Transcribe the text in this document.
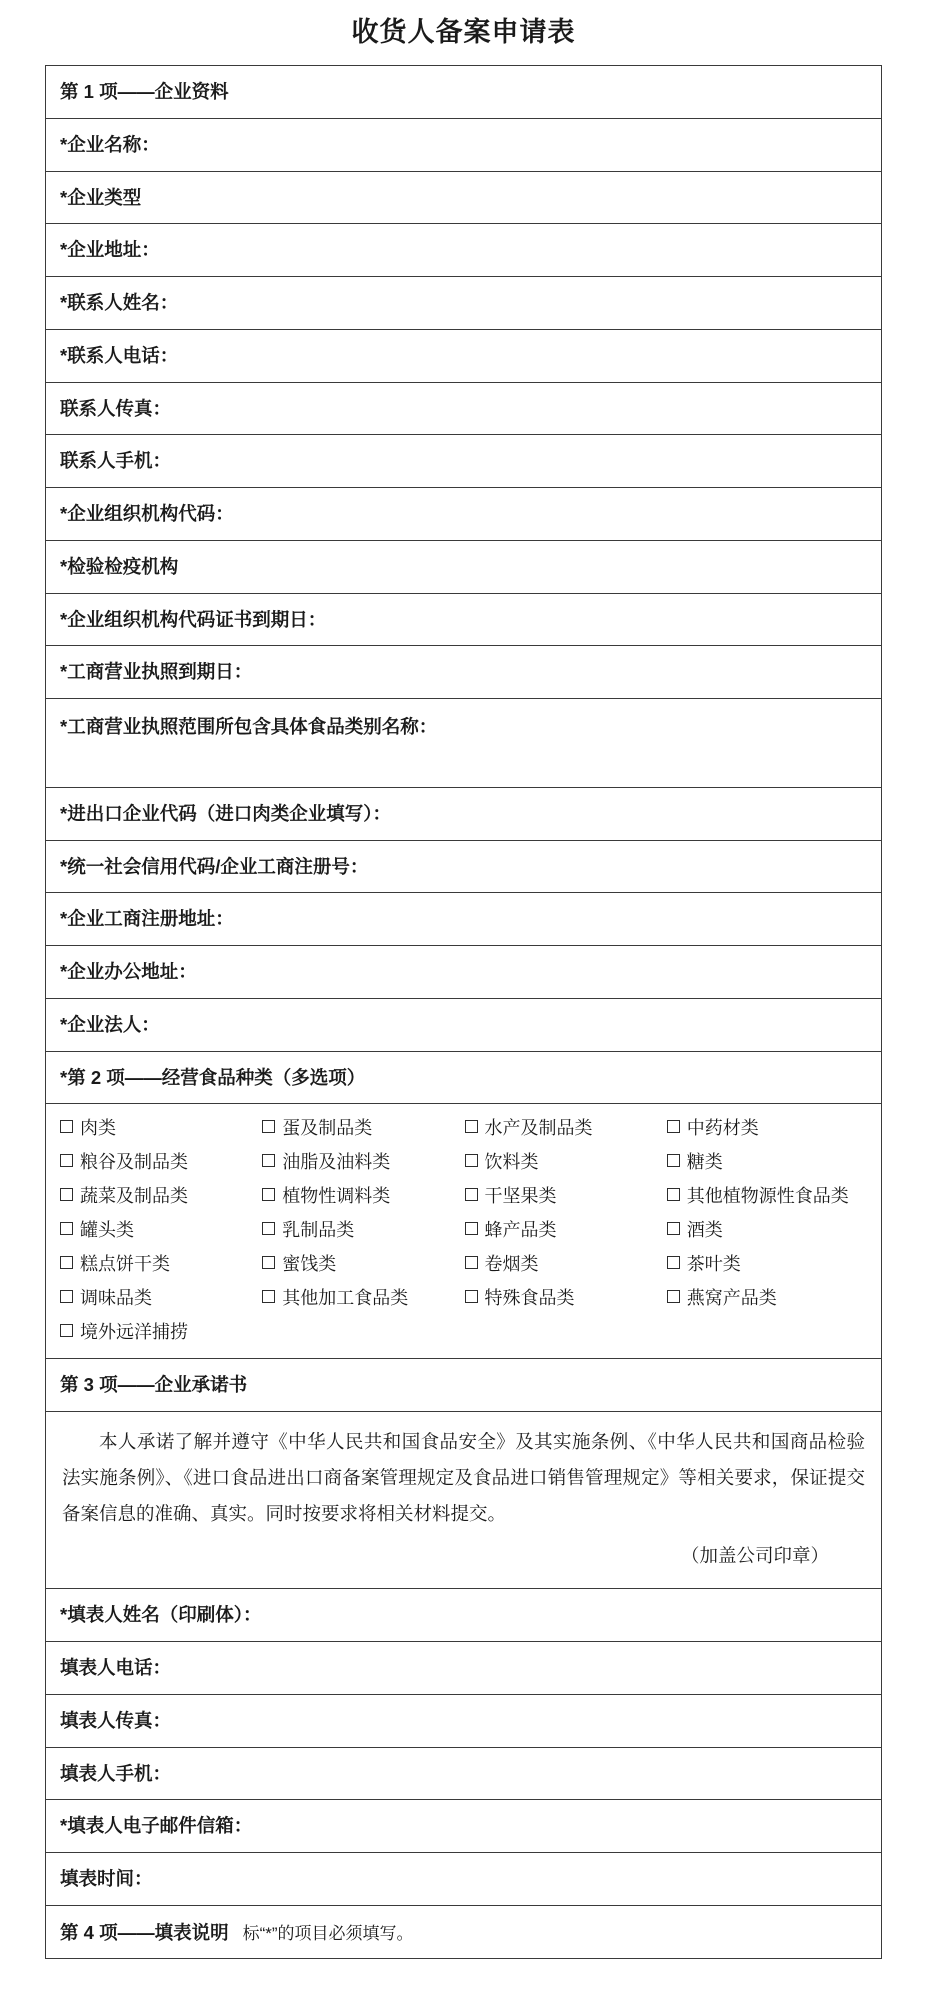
收货人备案申请表
第 1 项——企业资料

*企业名称：

*企业类型

*企业地址：

*联系人姓名：

*联系人电话：

联系人传真：

联系人手机：

*企业组织机构代码：

*检验检疫机构

*企业组织机构代码证书到期日：

*工商营业执照到期日：

*工商营业执照范围所包含具体食品类别名称：

*进出口企业代码（进口肉类企业填写）：

*统一社会信用代码/企业工商注册号：

*企业工商注册地址：

*企业办公地址：

*企业法人：

*第 2 项——经营食品种类（多选项）

肉类	蛋及制品类	水产及制品类	中药材类
粮谷及制品类	油脂及油料类	饮料类	糖类
蔬菜及制品类	植物性调料类	干坚果类	其他植物源性食品类
罐头类	乳制品类	蜂产品类	酒类
糕点饼干类	蜜饯类	卷烟类	茶叶类
调味品类	其他加工食品类	特殊食品类	燕窝产品类
境外远洋捕捞			

第 3 项——企业承诺书

本人承诺了解并遵守《中华人民共和国食品安全》及其实施条例、《中华人民共和国商品检验法实施条例》、《进口食品进出口商备案管理规定及食品进口销售管理规定》等相关要求，保证提交备案信息的准确、真实。同时按要求将相关材料提交。

（加盖公司印章）

*填表人姓名（印刷体）：

填表人电话：

填表人传真：

填表人手机：

*填表人电子邮件信箱：

填表时间：

第 4 项——填表说明 标“*”的项目必须填写。
